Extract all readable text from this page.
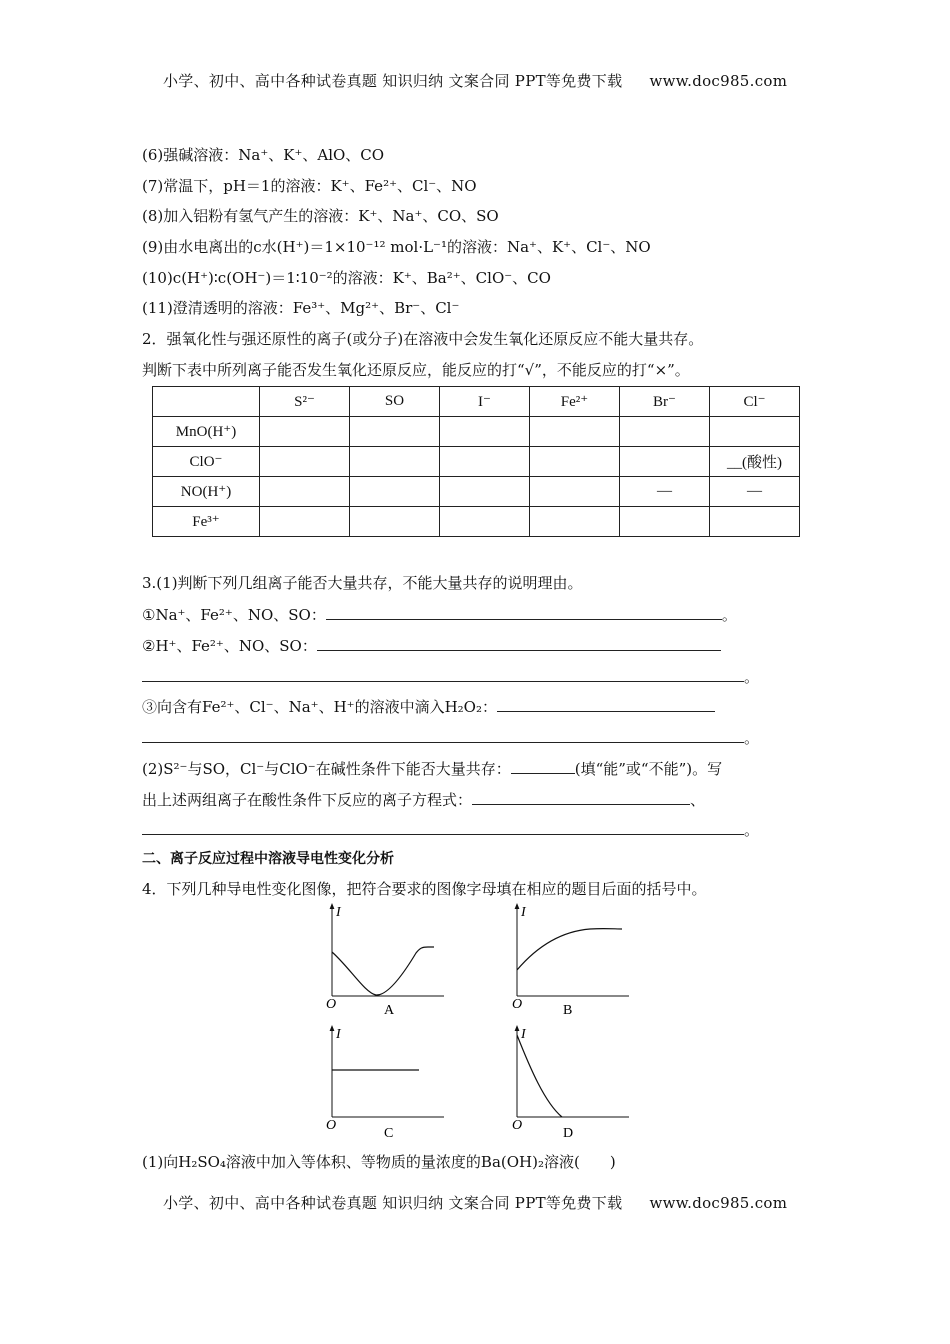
小学、初中、高中各种试卷真题 知识归纳 文案合同 PPT等免费下载 www.doc985.com
(6)强碱溶液：Na⁺、K⁺、AlO、CO
(7)常温下，pH＝1的溶液：K⁺、Fe²⁺、Cl⁻、NO
(8)加入铝粉有氢气产生的溶液：K⁺、Na⁺、CO、SO
(9)由水电离出的c水(H⁺)＝1×10⁻¹² mol·L⁻¹的溶液：Na⁺、K⁺、Cl⁻、NO
(10)c(H⁺)∶c(OH⁻)＝1∶10⁻²的溶液：K⁺、Ba²⁺、ClO⁻、CO
(11)澄清透明的溶液：Fe³⁺、Mg²⁺、Br⁻、Cl⁻
2．强氧化性与强还原性的离子(或分子)在溶液中会发生氧化还原反应不能大量共存。
判断下表中所列离子能否发生氧化还原反应，能反应的打“√”，不能反应的打“×”。
	S²⁻	SO	I⁻	Fe²⁺	Br⁻	Cl⁻
MnO(H⁺)						
ClO⁻						__(酸性)
NO(H⁺)					—	—
Fe³⁺						
3.(1)判断下列几组离子能否大量共存，不能大量共存的说明理由。
①Na⁺、Fe²⁺、NO、SO：	。
②H⁺、Fe²⁺、NO、SO：
。
③向含有Fe²⁺、Cl⁻、Na⁺、H⁺的溶液中滴入H₂O₂：
。
(2)S²⁻与SO，Cl⁻与ClO⁻在碱性条件下能否大量共存：	(填“能”或“不能”)。写
出上述两组离子在酸性条件下反应的离子方程式：	、
。
二、离子反应过程中溶液导电性变化分析
4．下列几种导电性变化图像，把符合要求的图像字母填在相应的题目后面的括号中。
I
O	A
I
O	B
I
O
C
I
O
D
(1)向H₂SO₄溶液中加入等体积、等物质的量浓度的Ba(OH)₂溶液(　　)
小学、初中、高中各种试卷真题 知识归纳 文案合同 PPT等免费下载 www.doc985.com
